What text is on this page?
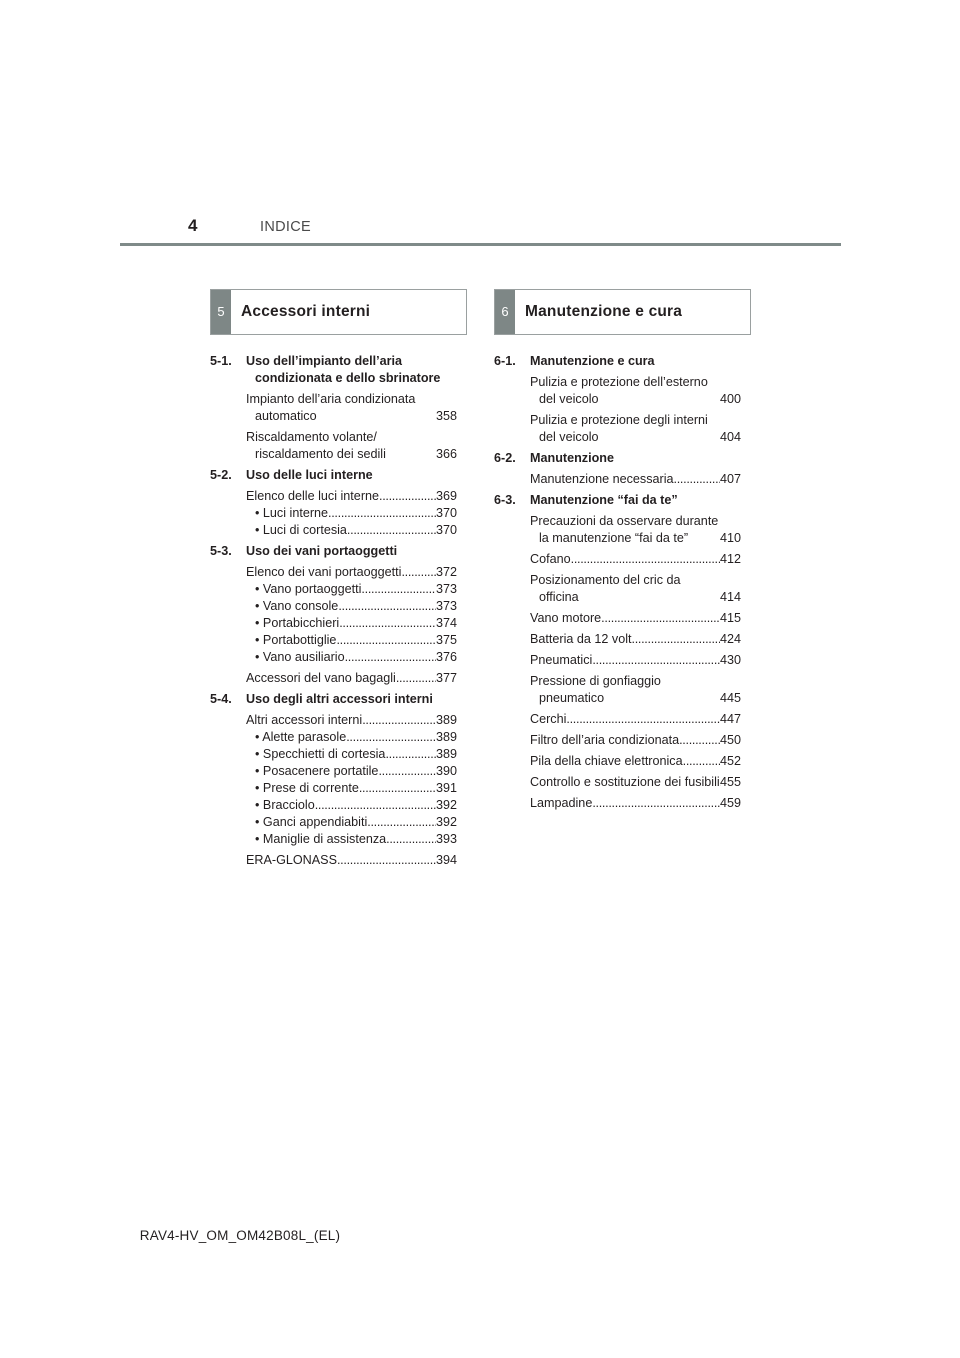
4	INDICE
5	Accessori interni	6	Manutenzione e cura
5-1.	Uso dell’impianto dell’aria condizionata e dello sbrinatore
Impianto dell’aria condizionata automatico	358
Riscaldamento volante/ riscaldamento dei sedili	366
5-2.	Uso delle luci interne
Elenco delle luci interne . . .	369
• Luci interne . . .	370
• Luci di cortesia . . .	370
5-3.	Uso dei vani portaoggetti
Elenco dei vani portaoggetti . . .	372
• Vano portaoggetti . . .	373
• Vano console . . .	373
• Portabicchieri . . .	374
• Portabottiglie . . .	375
• Vano ausiliario . . .	376
Accessori del vano bagagli . . .	377
5-4.	Uso degli altri accessori interni
Altri accessori interni . . .	389
• Alette parasole . . .	389
• Specchietti di cortesia . . .	389
• Posacenere portatile . . .	390
• Prese di corrente . . .	391
• Bracciolo . . .	392
• Ganci appendiabiti . . .	392
• Maniglie di assistenza . . .	393
ERA-GLONASS . . .	394
6-1.	Manutenzione e cura
Pulizia e protezione dell’esterno del veicolo	400
Pulizia e protezione degli interni del veicolo	404
6-2.	Manutenzione
Manutenzione necessaria . . .	407
6-3.	Manutenzione “fai da te”
Precauzioni da osservare durante la manutenzione “fai da te”	410
Cofano . . .	412
Posizionamento del cric da officina	414
Vano motore . . .	415
Batteria da 12 volt . . .	424
Pneumatici . . .	430
Pressione di gonfiaggio pneumatico	445
Cerchi . . .	447
Filtro dell’aria condizionata . . .	450
Pila della chiave elettronica . . .	452
Controllo e sostituzione dei fusibili . . . 455
Lampadine . . .	459
RAV4-HV_OM_OM42B08L_(EL)
